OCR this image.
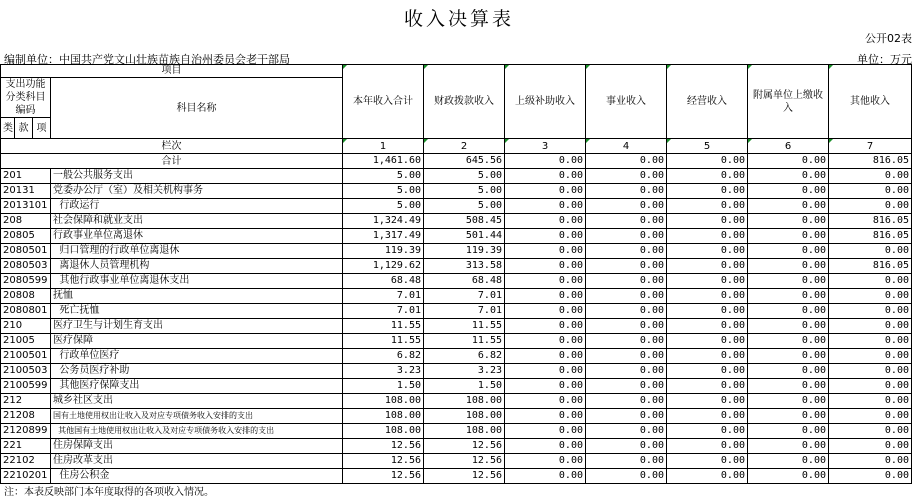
收入决算表
公开02表
编制单位：中国共产党文山壮族苗族自治州委员会老干部局	单位：万元
项目				本年收入合计	财政拨款收入	上级补助收入	事业收入	经营收入	附属单位上缴收入	其他收入
支出功能分类科目编码			科目名称							

类	款	项								
栏次				1	2	3	4	5	6	7
合计				1,461.60	645.56	0.00	0.00	0.00	0.00	816.05
201			一般公共服务支出	5.00	5.00	0.00	0.00	0.00	0.00	0.00
20131			党委办公厅（室）及相关机构事务	5.00	5.00	0.00	0.00	0.00	0.00	0.00
2013101			行政运行	5.00	5.00	0.00	0.00	0.00	0.00	0.00
208			社会保障和就业支出	1,324.49	508.45	0.00	0.00	0.00	0.00	816.05
20805			行政事业单位离退休	1,317.49	501.44	0.00	0.00	0.00	0.00	816.05
2080501			归口管理的行政单位离退休	119.39	119.39	0.00	0.00	0.00	0.00	0.00
2080503			离退休人员管理机构	1,129.62	313.58	0.00	0.00	0.00	0.00	816.05
2080599			其他行政事业单位离退休支出	68.48	68.48	0.00	0.00	0.00	0.00	0.00
20808			抚恤	7.01	7.01	0.00	0.00	0.00	0.00	0.00
2080801			死亡抚恤	7.01	7.01	0.00	0.00	0.00	0.00	0.00
210			医疗卫生与计划生育支出	11.55	11.55	0.00	0.00	0.00	0.00	0.00
21005			医疗保障	11.55	11.55	0.00	0.00	0.00	0.00	0.00
2100501			行政单位医疗	6.82	6.82	0.00	0.00	0.00	0.00	0.00
2100503			公务员医疗补助	3.23	3.23	0.00	0.00	0.00	0.00	0.00
2100599			其他医疗保障支出	1.50	1.50	0.00	0.00	0.00	0.00	0.00
212			城乡社区支出	108.00	108.00	0.00	0.00	0.00	0.00	0.00
21208			国有土地使用权出让收入及对应专项债务收入安排的支出	108.00	108.00	0.00	0.00	0.00	0.00	0.00
2120899			其他国有土地使用权出让收入及对应专项债务收入安排的支出	108.00	108.00	0.00	0.00	0.00	0.00	0.00
221			住房保障支出	12.56	12.56	0.00	0.00	0.00	0.00	0.00
22102			住房改革支出	12.56	12.56	0.00	0.00	0.00	0.00	0.00
2210201			住房公积金	12.56	12.56	0.00	0.00	0.00	0.00	0.00
注：本表反映部门本年度取得的各项收入情况。
